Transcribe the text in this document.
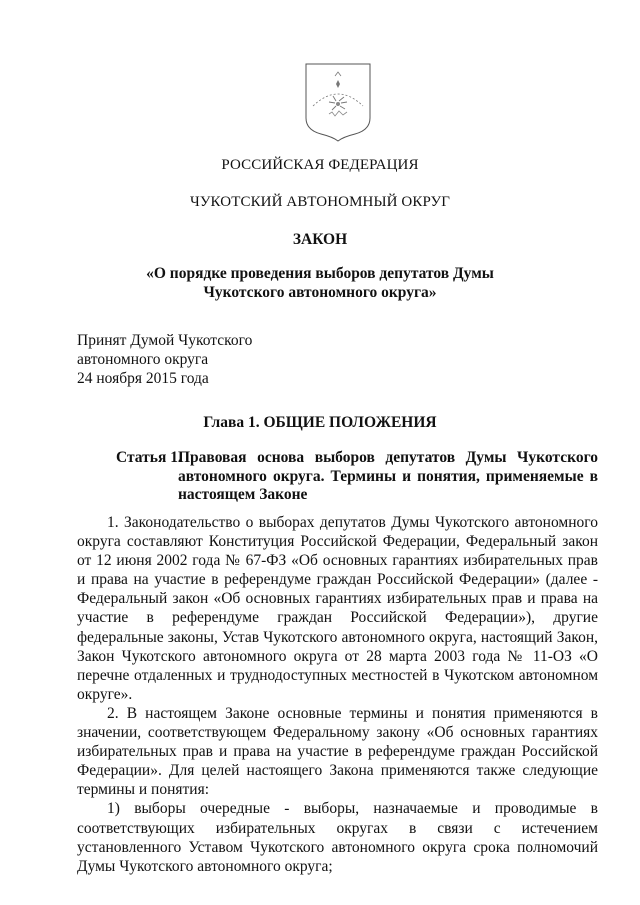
РОССИЙСКАЯ ФЕДЕРАЦИЯ
ЧУКОТСКИЙ АВТОНОМНЫЙ ОКРУГ
ЗАКОН
«О порядке проведения выборов депутатов Думы
Чукотского автономного округа»
Принят Думой Чукотского
автономного округа
24 ноября 2015 года
Глава 1. ОБЩИЕ ПОЛОЖЕНИЯ
Статья 1.
Правовая основа выборов депутатов Думы Чукотского автономного округа. Термины и понятия, применяемые в настоящем Законе

1. Законодательство о выборах депутатов Думы Чукотского автономного округа составляют Конституция Российской Федерации, Федеральный закон от 12 июня 2002 года № 67-ФЗ «Об основных гарантиях избирательных прав и права на участие в референдуме граждан Российской Федерации» (далее - Федеральный закон «Об основных гарантиях избирательных прав и права на участие в референдуме граждан Российской Федерации»), другие федеральные законы, Устав Чукотского автономного округа, настоящий Закон, Закон Чукотского автономного округа от 28 марта 2003 года № 11-ОЗ «О перечне отдаленных и труднодоступных местностей в Чукотском автономном округе».

2. В настоящем Законе основные термины и понятия применяются в значении, соответствующем Федеральному закону «Об основных гарантиях избирательных прав и права на участие в референдуме граждан Российской Федерации». Для целей настоящего Закона применяются также следующие термины и понятия:

1) выборы очередные - выборы, назначаемые и проводимые в соответствующих избирательных округах в связи с истечением установленного Уставом Чукотского автономного округа срока полномочий Думы Чукотского автономного округа;
